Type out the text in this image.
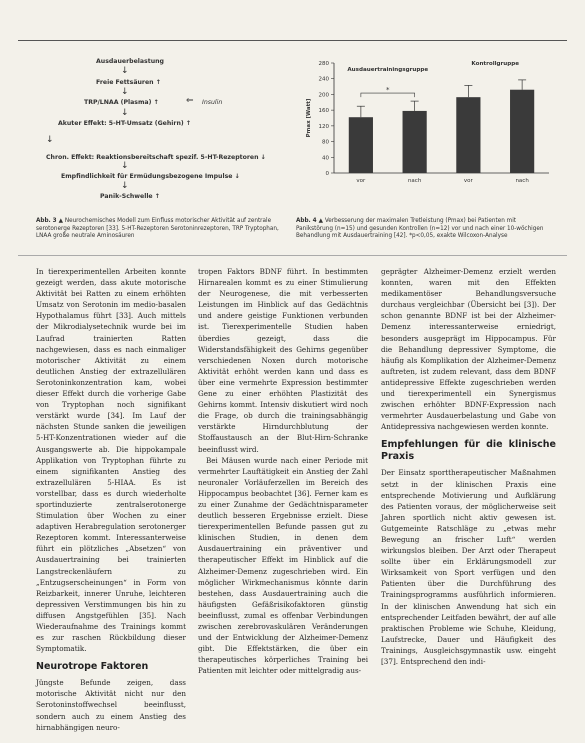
Ausdauerbelastung
↓
Freie Fettsäuren ↑
↓
TRP/LNAA (Plasma) ↑	⇐ Insulin
↓
Akuter Effekt: 5-HT-Umsatz (Gehirn) ↑
↓
Chron. Effekt: Reaktionsbereitschaft spezif. 5-HT-Rezeptoren ↓
↓
Empfindlichkeit für Ermüdungsbezogene Impulse ↓
↓
Panik-Schwelle ↑
0
40
80
120
160
200
240
280
Pmax [Watt]
vor	nach	vor	nach
Ausdauertrainingsgruppe
Kontrollgruppe
*
Abb. 3 ▲ Neurochemisches Modell zum Einfluss motorischer Aktivität auf zentrale serotonerge Rezeptoren [33]. 5-HT-Rezeptoren Serotoninrezeptoren, TRP Tryptophan, LNAA große neutrale Aminosäuren
Abb. 4 ▲ Verbesserung der maximalen Tretleistung (Pmax) bei Patienten mit Panikstörung (n=15) und gesunden Kontrollen (n=12) vor und nach einer 10-wöchigen Behandlung mit Ausdauertraining [42]. *p<0,05, exakte Wilcoxon-Analyse

In tierexperimentellen Arbeiten konnte gezeigt werden, dass akute motorische Aktivität bei Ratten zu einem erhöhten Umsatz von Serotonin im medio-basalen Hypothalamus führt [33]. Auch mittels der Mikrodialysetechnik wurde bei im Laufrad trainierten Ratten nachgewiesen, dass es nach einmaliger motorischer Aktivität zu einem deutlichen Anstieg der extrazellulären Serotoninkonzentration kam, wobei dieser Effekt durch die vorherige Gabe von Tryptophan noch signifikant verstärkt wurde [34]. Im Lauf der nächsten Stunde sanken die jeweiligen 5-HT-Konzentrationen wieder auf die Ausgangswerte ab. Die hippokampale Applikation von Tryptophan führte zu einem signifikanten Anstieg des extrazellulären 5-HIAA. Es ist vorstellbar, dass es durch wiederholte sportinduzierte zentralserotonerge Stimulation über Wochen zu einer adaptiven Herabregulation serotonerger Rezeptoren kommt. Interessanterweise führt ein plötzliches „Absetzen“ von Ausdauertraining bei trainierten Langstreckenläufern zu „Entzugserscheinungen“ in Form von Reizbarkeit, innerer Unruhe, leichteren depressiven Verstimmungen bis hin zu diffusen Angstgefühlen [35]. Nach Wiederaufnahme des Trainings kommt es zur raschen Rückbildung dieser Symptomatik.

Neurotrope Faktoren

Jüngste Befunde zeigen, dass motorische Aktivität nicht nur den Serotoninstoffwechsel beeinflusst, sondern auch zu einem Anstieg des hirnabhängigen neuro-

tropen Faktors BDNF führt. In bestimmten Hirnarealen kommt es zu einer Stimulierung der Neurogenese, die mit verbesserten Leistungen im Hinblick auf das Gedächtnis und andere geistige Funktionen verbunden ist. Tierexperimentelle Studien haben überdies gezeigt, dass die Widerstandsfähigkeit des Gehirns gegenüber verschiedenen Noxen durch motorische Aktivität erhöht werden kann und dass es über eine vermehrte Expression bestimmter Gene zu einer erhöhten Plastizität des Gehirns kommt. Intensiv diskutiert wird noch die Frage, ob durch die trainingsabhängig verstärkte Hirndurchblutung der Stoffaustausch an der Blut-Hirn-Schranke beeinflusst wird.

Bei Mäusen wurde nach einer Periode mit vermehrter Lauftätigkeit ein Anstieg der Zahl neuronaler Vorläuferzellen im Bereich des Hippocampus beobachtet [36]. Ferner kam es zu einer Zunahme der Gedächtnisparameter deutlich besseren Ergebnisse erzielt. Diese tierexperimentellen Befunde passen gut zu klinischen Studien, in denen dem Ausdauertraining ein präventiver und therapeutischer Effekt im Hinblick auf die Alzheimer-Demenz zugeschrieben wird. Ein möglicher Wirkmechanismus könnte darin bestehen, dass Ausdauertraining auch die häufigsten Gefäßrisikofaktoren günstig beeinflusst, zumal es offenbar Verbindungen zwischen zerebrovaskulären Veränderungen und der Entwicklung der Alzheimer-Demenz gibt. Die Effektstärken, die über ein therapeutisches körperliches Training bei Patienten mit leichter oder mittelgradig aus-

geprägter Alzheimer-Demenz erzielt werden konnten, waren mit den Effekten medikamentöser Behandlungsversuche durchaus vergleichbar (Übersicht bei [3]). Der schon genannte BDNF ist bei der Alzheimer-Demenz interessanterweise erniedrigt, besonders ausgeprägt im Hippocampus. Für die Behandlung depressiver Symptome, die häufig als Komplikation der Alzheimer-Demenz auftreten, ist zudem relevant, dass dem BDNF antidepressive Effekte zugeschrieben werden und tierexperimentell ein Synergismus zwischen erhöhter BDNF-Expression nach vermehrter Ausdauerbelastung und Gabe von Antidepressiva nachgewiesen werden konnte.

Empfehlungen für die klinische Praxis

Der Einsatz sporttherapeutischer Maßnahmen setzt in der klinischen Praxis eine entsprechende Motivierung und Aufklärung des Patienten voraus, der möglicherweise seit Jahren sportlich nicht aktiv gewesen ist. Gutgemeinte Ratschläge zu „etwas mehr Bewegung an frischer Luft“ werden wirkungslos bleiben. Der Arzt oder Therapeut sollte über ein Erklärungsmodell zur Wirksamkeit von Sport verfügen und den Patienten über die Durchführung des Trainingsprogramms ausführlich informieren. In der klinischen Anwendung hat sich ein entsprechender Leitfaden bewährt, der auf alle praktischen Probleme wie Schuhe, Kleidung, Laufstrecke, Dauer und Häufigkeit des Trainings, Ausgleichsgymnastik usw. eingeht [37]. Entsprechend den indi-
